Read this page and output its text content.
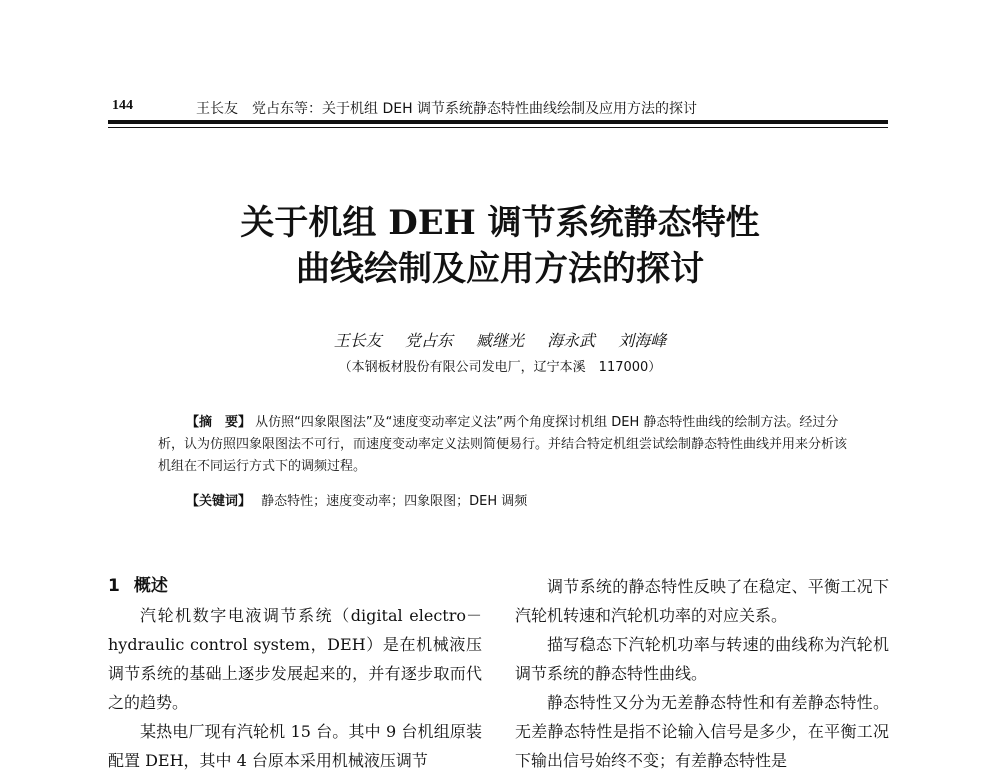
144	王长友　党占东等：关于机组 DEH 调节系统静态特性曲线绘制及应用方法的探讨
关于机组 DEH 调节系统静态特性
曲线绘制及应用方法的探讨
王长友 党占东 臧继光 海永武 刘海峰
（本钢板材股份有限公司发电厂，辽宁本溪　117000）
【摘　要】 从仿照“四象限图法”及“速度变动率定义法”两个角度探讨机组 DEH 静态特性曲线的绘制方法。经过分析，认为仿照四象限图法不可行，而速度变动率定义法则简便易行。并结合特定机组尝试绘制静态特性曲线并用来分析该机组在不同运行方式下的调频过程。
【关键词】 静态特性；速度变动率；四象限图；DEH 调频
1 概述

汽轮机数字电液调节系统（digital electro－hydraulic control system，DEH）是在机械液压调节系统的基础上逐步发展起来的，并有逐步取而代之的趋势。

某热电厂现有汽轮机 15 台。其中 9 台机组原装配置 DEH，其中 4 台原本采用机械液压调节

调节系统的静态特性反映了在稳定、平衡工况下汽轮机转速和汽轮机功率的对应关系。

描写稳态下汽轮机功率与转速的曲线称为汽轮机调节系统的静态特性曲线。

静态特性又分为无差静态特性和有差静态特性。无差静态特性是指不论输入信号是多少，在平衡工况下输出信号始终不变；有差静态特性是
